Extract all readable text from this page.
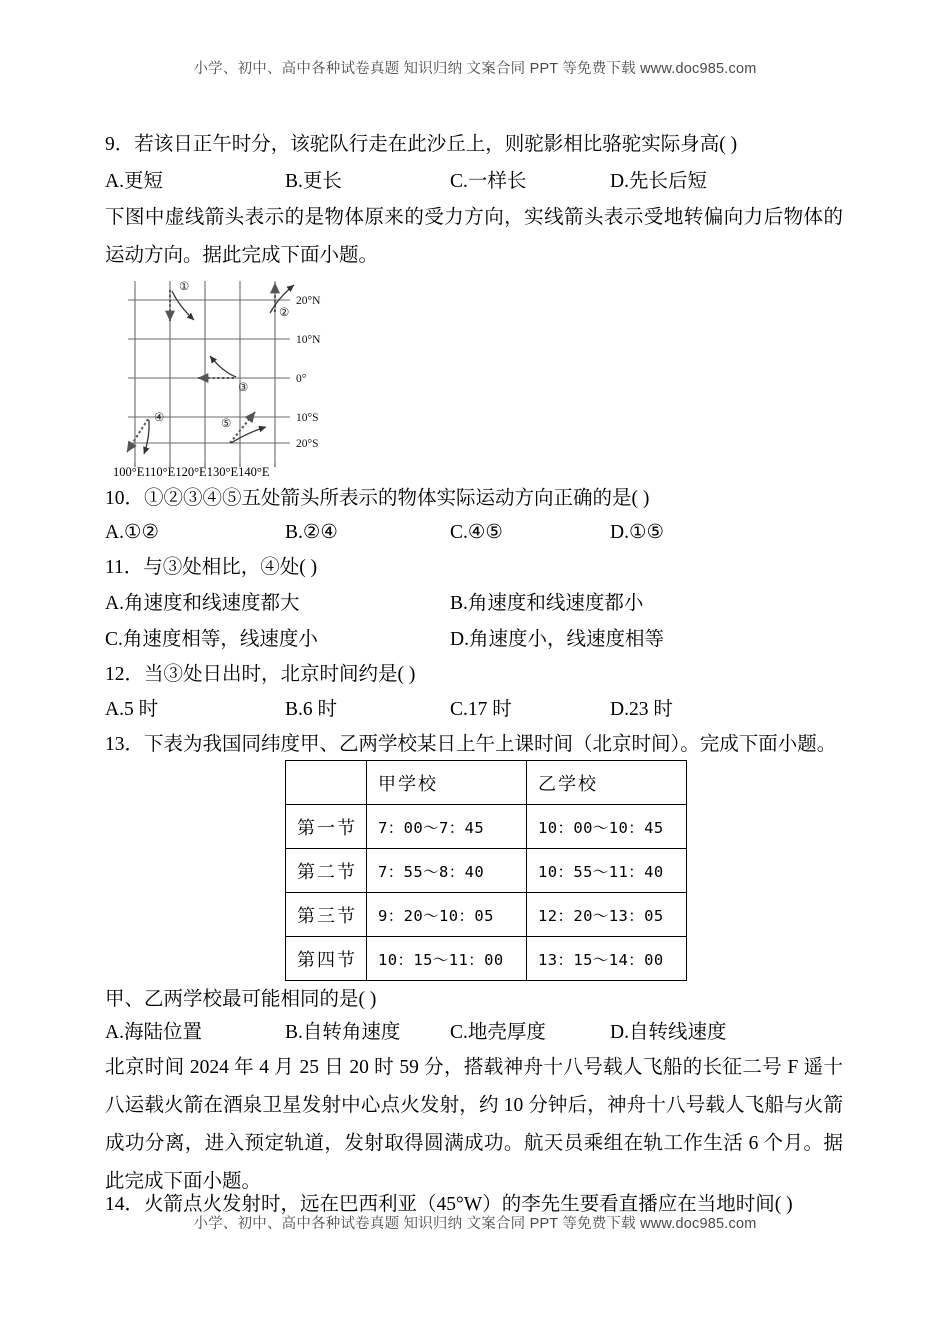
小学、初中、高中各种试卷真题 知识归纳 文案合同 PPT 等免费下载 www.doc985.com
9．若该日正午时分，该驼队行走在此沙丘上，则驼影相比骆驼实际身高( )
A.更短	B.更长	C.一样长	D.先长后短
下图中虚线箭头表示的是物体原来的受力方向，实线箭头表示受地转偏向力后物体的运动方向。据此完成下面小题。
①
②
③
④	⑤
20°N
10°N
0°
10°S
20°S
100°E110°E120°E130°E140°E
10．①②③④⑤五处箭头所表示的物体实际运动方向正确的是( )
A.①②	B.②④	C.④⑤	D.①⑤
11．与③处相比，④处( )
A.角速度和线速度都大	B.角速度和线速度都小
C.角速度相等，线速度小	D.角速度小，线速度相等
12．当③处日出时，北京时间约是( )
A.5 时	B.6 时	C.17 时	D.23 时
13．下表为我国同纬度甲、乙两学校某日上午上课时间（北京时间）。完成下面小题。
	甲学校	乙学校
第一节	7：00～7：45	10：00～10：45
第二节	7：55～8：40	10：55～11：40
第三节	9：20～10：05	12：20～13：05
第四节	10：15～11：00	13：15～14：00
甲、乙两学校最可能相同的是( )
A.海陆位置	B.自转角速度	C.地壳厚度	D.自转线速度
北京时间 2024 年 4 月 25 日 20 时 59 分，搭载神舟十八号载人飞船的长征二号 F 遥十八运载火箭在酒泉卫星发射中心点火发射，约 10 分钟后，神舟十八号载人飞船与火箭成功分离，进入预定轨道，发射取得圆满成功。航天员乘组在轨工作生活 6 个月。据此完成下面小题。
14．火箭点火发射时，远在巴西利亚（45°W）的李先生要看直播应在当地时间( )
小学、初中、高中各种试卷真题 知识归纳 文案合同 PPT 等免费下载 www.doc985.com
